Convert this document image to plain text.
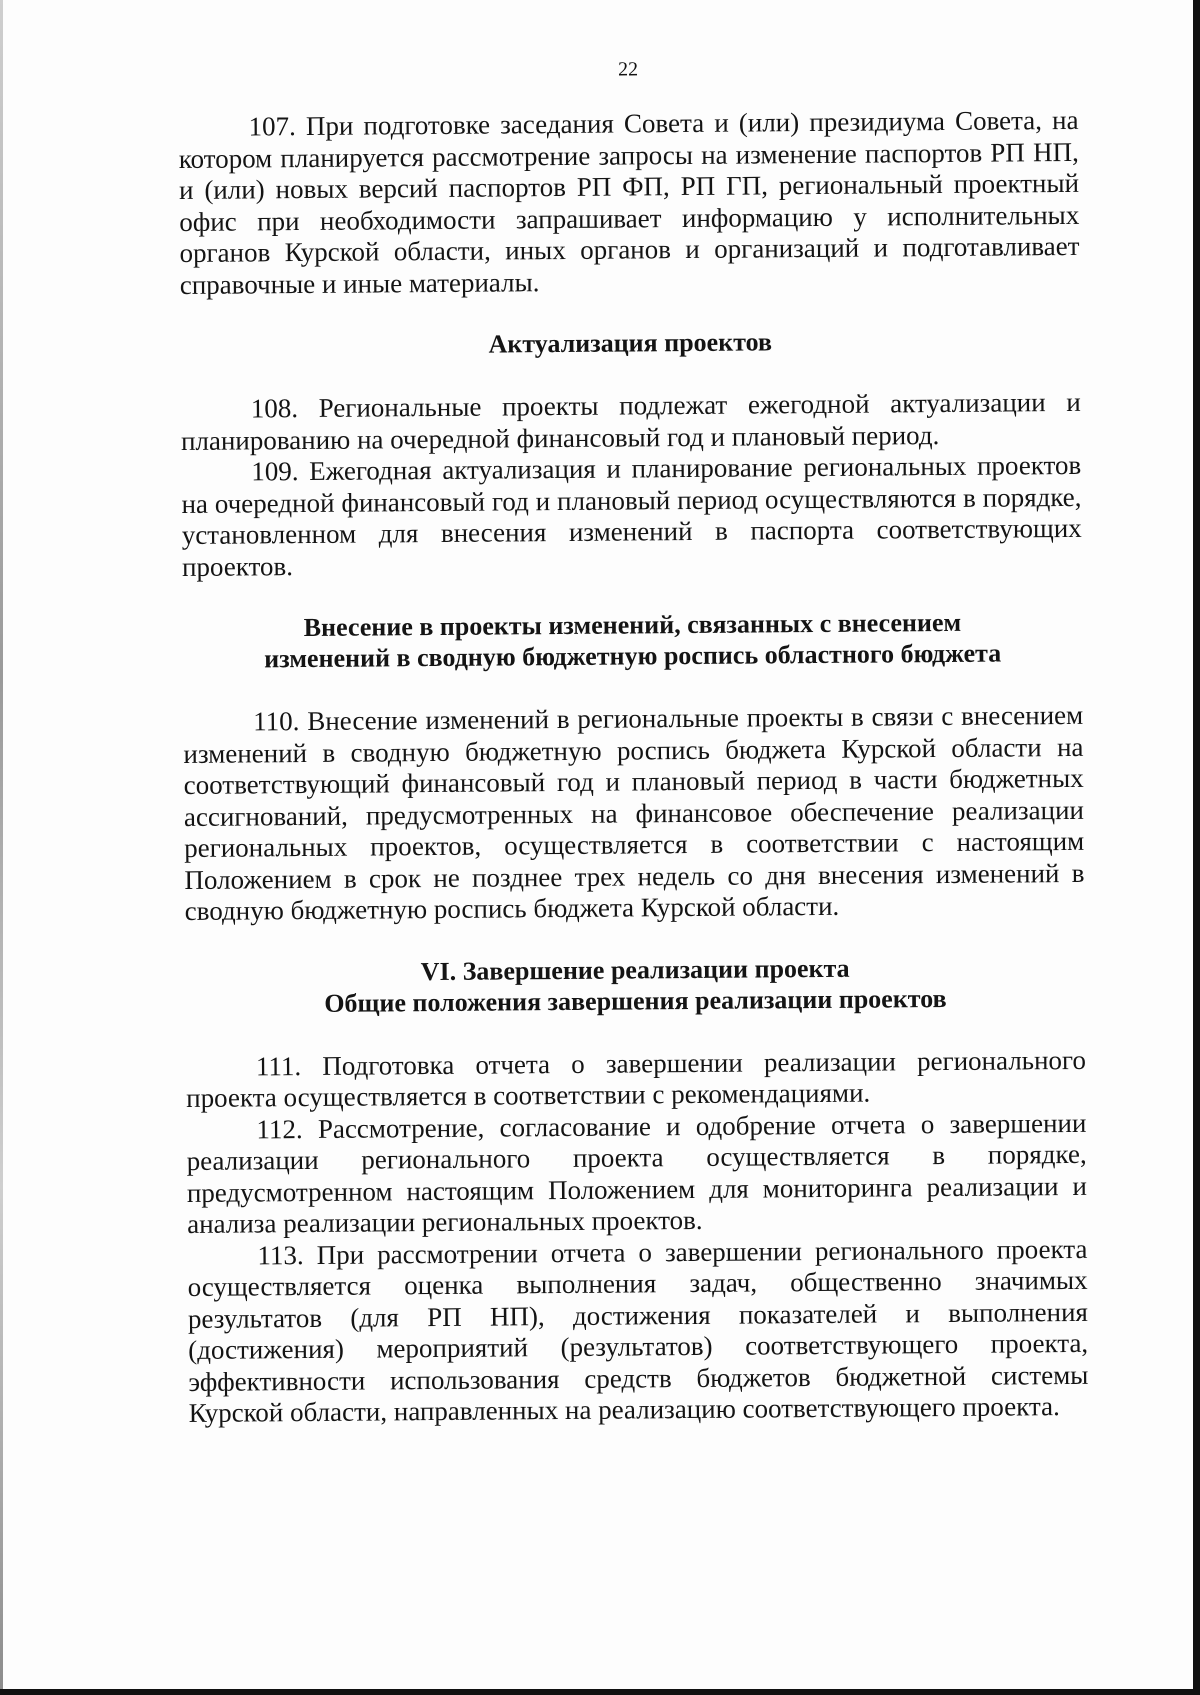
22

107. При подготовке заседания Совета и (или) президиума Совета, на котором планируется рассмотрение запросы на изменение паспортов РП НП, и (или) новых версий паспортов РП ФП, РП ГП, региональный проектный офис при необходимости запрашивает информацию у исполнительных органов Курской области, иных органов и организаций и подготавливает справочные и иные материалы.

Актуализация проектов

108. Региональные проекты подлежат ежегодной актуализации и планированию на очередной финансовый год и плановый период.

109. Ежегодная актуализация и планирование региональных проектов на очередной финансовый год и плановый период осуществляются в порядке, установленном для внесения изменений в паспорта соответствующих проектов.

Внесение в проекты изменений, связанных с внесением
изменений в сводную бюджетную роспись областного бюджета

110. Внесение изменений в региональные проекты в связи с внесением изменений в сводную бюджетную роспись бюджета Курской области на соответствующий финансовый год и плановый период в части бюджетных ассигнований, предусмотренных на финансовое обеспечение реализации региональных проектов, осуществляется в соответствии с настоящим Положением в срок не позднее трех недель со дня внесения изменений в сводную бюджетную роспись бюджета Курской области.

VI. Завершение реализации проекта
Общие положения завершения реализации проектов

111. Подготовка отчета о завершении реализации регионального проекта осуществляется в соответствии с рекомендациями.

112. Рассмотрение, согласование и одобрение отчета о завершении реализации регионального проекта осуществляется в порядке, предусмотренном настоящим Положением для мониторинга реализации и анализа реализации региональных проектов.

113. При рассмотрении отчета о завершении регионального проекта осуществляется оценка выполнения задач, общественно значимых результатов (для РП НП), достижения показателей и выполнения (достижения) мероприятий (результатов) соответствующего проекта, эффективности использования средств бюджетов бюджетной системы Курской области, направленных на реализацию соответствующего проекта.
